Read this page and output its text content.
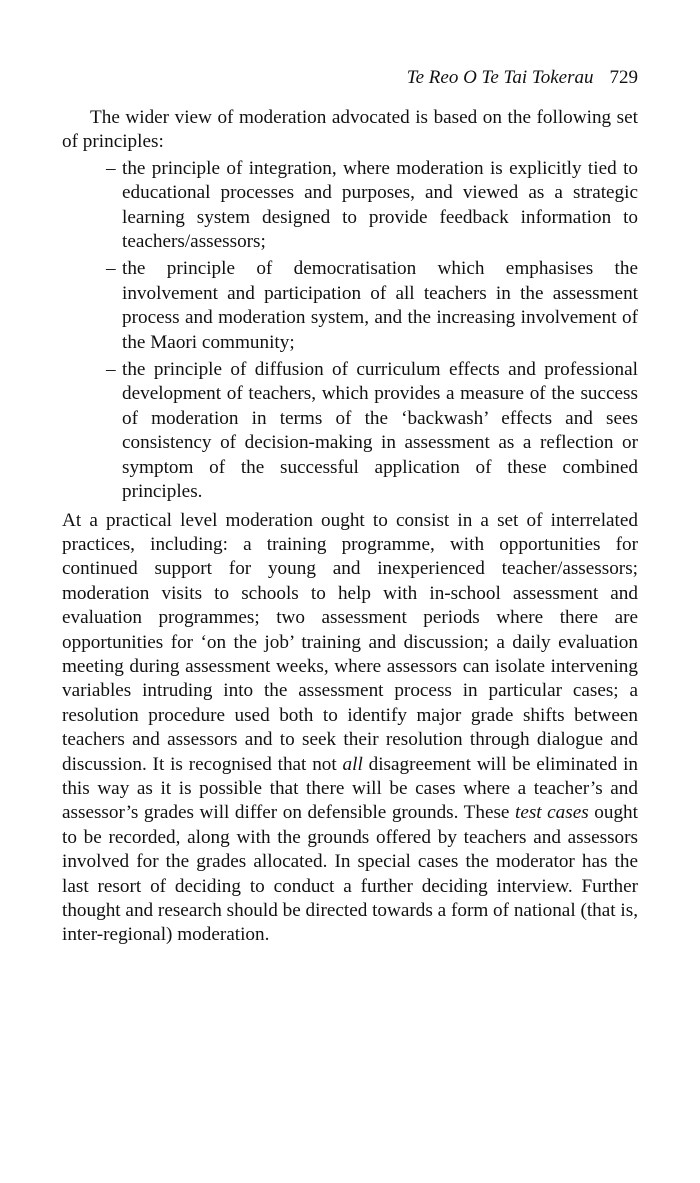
Te Reo O Te Tai Tokerau 729

The wider view of moderation advocated is based on the following set of principles:

– the principle of integration, where moderation is explicitly tied to educational processes and purposes, and viewed as a strategic learning system designed to provide feedback information to teachers/assessors;
– the principle of democratisation which emphasises the involvement and participation of all teachers in the assessment process and moderation system, and the increasing involvement of the Maori community;
– the principle of diffusion of curriculum effects and professional development of teachers, which provides a measure of the success of moderation in terms of the ‘backwash’ effects and sees consistency of decision-making in assessment as a reflection or symptom of the successful application of these combined principles.

At a practical level moderation ought to consist in a set of interrelated practices, including: a training programme, with opportunities for continued support for young and inexperienced teacher/assessors; moderation visits to schools to help with in-school assessment and evaluation programmes; two assessment periods where there are opportunities for ‘on the job’ training and discussion; a daily evaluation meeting during assessment weeks, where assessors can isolate intervening variables intruding into the assessment process in particular cases; a resolution procedure used both to identify major grade shifts between teachers and assessors and to seek their resolution through dialogue and discussion. It is recognised that not all disagreement will be eliminated in this way as it is possible that there will be cases where a teacher’s and assessor’s grades will differ on defensible grounds. These test cases ought to be recorded, along with the grounds offered by teachers and assessors involved for the grades allocated. In special cases the moderator has the last resort of deciding to conduct a further deciding interview. Further thought and research should be directed towards a form of national (that is, inter-regional) moderation.
